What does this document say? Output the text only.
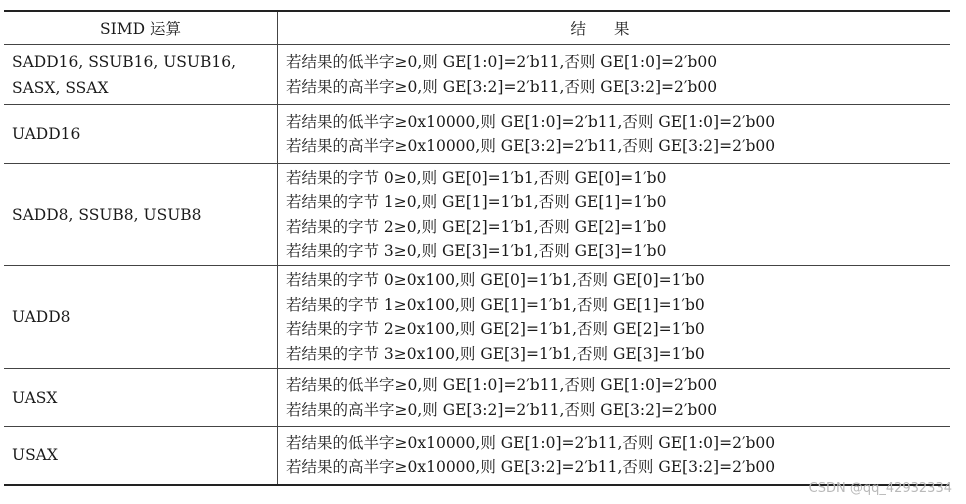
SIMD 运算	结果
SADD16, SSUB16, USUB16, SASX, SSAX	若结果的低半字≥0,则 GE[1:0]=2′b11,否则 GE[1:0]=2′b00
若结果的高半字≥0,则 GE[3:2]=2′b11,否则 GE[3:2]=2′b00

UADD16	若结果的低半字≥0x10000,则 GE[1:0]=2′b11,否则 GE[1:0]=2′b00
若结果的高半字≥0x10000,则 GE[3:2]=2′b11,否则 GE[3:2]=2′b00

SADD8, SSUB8, USUB8	若结果的字节 0≥0,则 GE[0]=1′b1,否则 GE[0]=1′b0
若结果的字节 1≥0,则 GE[1]=1′b1,否则 GE[1]=1′b0
若结果的字节 2≥0,则 GE[2]=1′b1,否则 GE[2]=1′b0
若结果的字节 3≥0,则 GE[3]=1′b1,否则 GE[3]=1′b0

UADD8	若结果的字节 0≥0x100,则 GE[0]=1′b1,否则 GE[0]=1′b0
若结果的字节 1≥0x100,则 GE[1]=1′b1,否则 GE[1]=1′b0
若结果的字节 2≥0x100,则 GE[2]=1′b1,否则 GE[2]=1′b0
若结果的字节 3≥0x100,则 GE[3]=1′b1,否则 GE[3]=1′b0

UASX	若结果的低半字≥0,则 GE[1:0]=2′b11,否则 GE[1:0]=2′b00
若结果的高半字≥0,则 GE[3:2]=2′b11,否则 GE[3:2]=2′b00

USAX	若结果的低半字≥0x10000,则 GE[1:0]=2′b11,否则 GE[1:0]=2′b00
若结果的高半字≥0x10000,则 GE[3:2]=2′b11,否则 GE[3:2]=2′b00
CSDN @qq_42932334
